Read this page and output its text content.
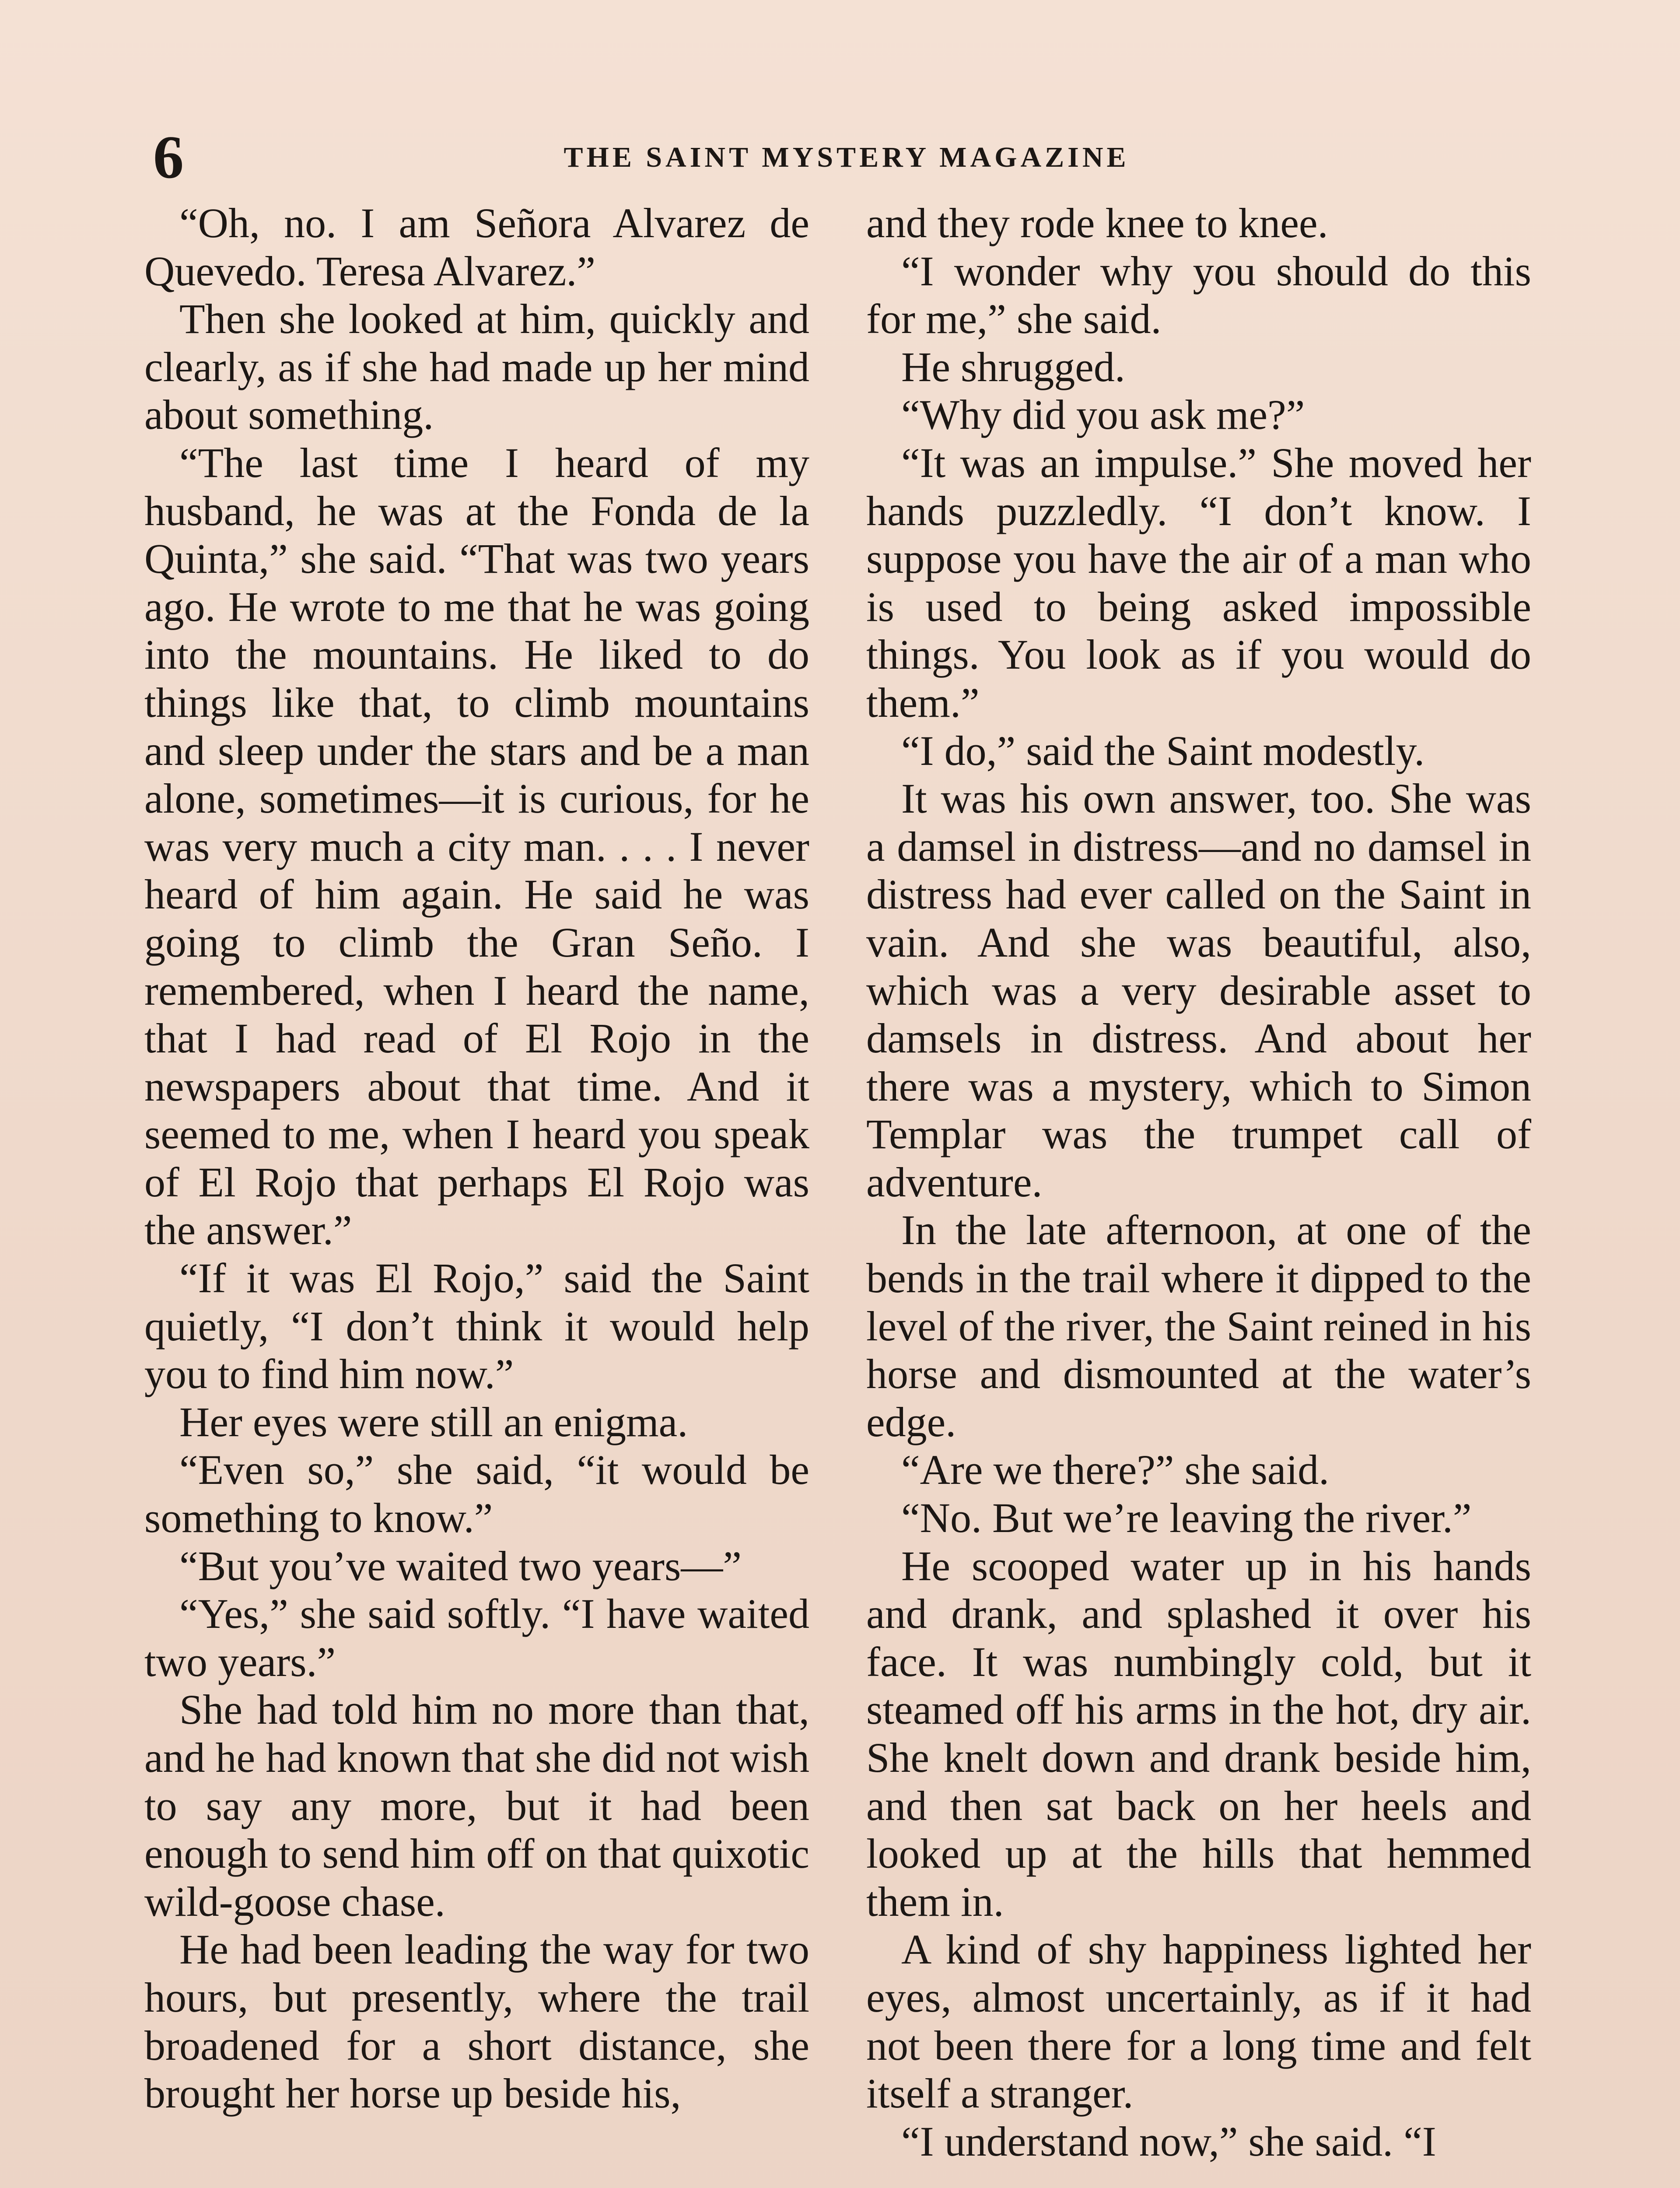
6	THE SAINT MYSTERY MAGAZINE

“Oh, no. I am Señora Alvarez de Quevedo. Teresa Alvarez.”

Then she looked at him, quickly and clearly, as if she had made up her mind about something.

“The last time I heard of my husband, he was at the Fonda de la Quinta,” she said. “That was two years ago. He wrote to me that he was going into the mountains. He liked to do things like that, to climb mountains and sleep under the stars and be a man alone, sometimes—it is curious, for he was very much a city man. . . . I never heard of him again. He said he was going to climb the Gran Seño. I remembered, when I heard the name, that I had read of El Rojo in the newspapers about that time. And it seemed to me, when I heard you speak of El Rojo that perhaps El Rojo was the answer.”

“If it was El Rojo,” said the Saint quietly, “I don’t think it would help you to find him now.”

Her eyes were still an enigma.

“Even so,” she said, “it would be something to know.”

“But you’ve waited two years—”

“Yes,” she said softly. “I have waited two years.”

She had told him no more than that, and he had known that she did not wish to say any more, but it had been enough to send him off on that quixotic wild-goose chase.

He had been leading the way for two hours, but presently, where the trail broadened for a short distance, she brought her horse up beside his,

and they rode knee to knee.

“I wonder why you should do this for me,” she said.

He shrugged.

“Why did you ask me?”

“It was an impulse.” She moved her hands puzzledly. “I don’t know. I suppose you have the air of a man who is used to being asked impossible things. You look as if you would do them.”

“I do,” said the Saint modestly.

It was his own answer, too. She was a damsel in distress—and no damsel in distress had ever called on the Saint in vain. And she was beautiful, also, which was a very desirable asset to damsels in distress. And about her there was a mystery, which to Simon Templar was the trumpet call of adventure.

In the late afternoon, at one of the bends in the trail where it dipped to the level of the river, the Saint reined in his horse and dismounted at the water’s edge.

“Are we there?” she said.

“No. But we’re leaving the river.”

He scooped water up in his hands and drank, and splashed it over his face. It was numbingly cold, but it steamed off his arms in the hot, dry air. She knelt down and drank beside him, and then sat back on her heels and looked up at the hills that hemmed them in.

A kind of shy happiness lighted her eyes, almost uncertainly, as if it had not been there for a long time and felt itself a stranger.

“I understand now,” she said. “I
